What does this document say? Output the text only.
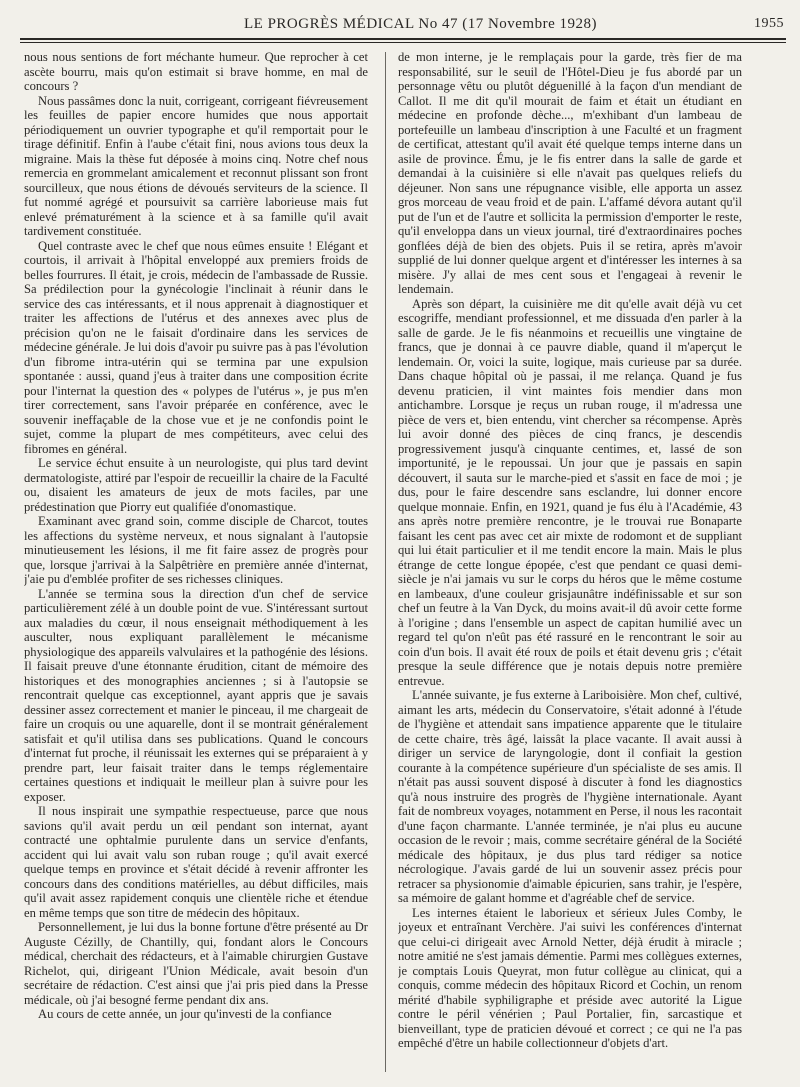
LE PROGRÈS MÉDICAL No 47 (17 Novembre 1928)	1955

nous nous sentions de fort méchante humeur. Que reprocher à cet ascète bourru, mais qu'on estimait si brave homme, en mal de concours ?

Nous passâmes donc la nuit, corrigeant, corrigeant fiévreusement les feuilles de papier encore humides que nous apportait périodiquement un ouvrier typographe et qu'il remportait pour le tirage définitif. Enfin à l'aube c'était fini, nous avions tous deux la migraine. Mais la thèse fut déposée à moins cinq. Notre chef nous remercia en grommelant amicalement et reconnut plissant son front sourcilleux, que nous étions de dévoués serviteurs de la science. Il fut nommé agrégé et poursuivit sa carrière laborieuse mais fut enlevé prématurément à la science et à sa famille qu'il avait tardivement constituée.

Quel contraste avec le chef que nous eûmes ensuite ! Elégant et courtois, il arrivait à l'hôpital enveloppé aux premiers froids de belles fourrures. Il était, je crois, médecin de l'ambassade de Russie. Sa prédilection pour la gynécologie l'inclinait à réunir dans le service des cas intéressants, et il nous apprenait à diagnostiquer et traiter les affections de l'utérus et des annexes avec plus de précision qu'on ne le faisait d'ordinaire dans les services de médecine générale. Je lui dois d'avoir pu suivre pas à pas l'évolution d'un fibrome intra-utérin qui se termina par une expulsion spontanée : aussi, quand j'eus à traiter dans une composition écrite pour l'internat la question des « polypes de l'utérus », je pus m'en tirer correctement, sans l'avoir préparée en conférence, avec le souvenir ineffaçable de la chose vue et je ne confondis point le sujet, comme la plupart de mes compétiteurs, avec celui des fibromes en général.

Le service échut ensuite à un neurologiste, qui plus tard devint dermatologiste, attiré par l'espoir de recueillir la chaire de la Faculté ou, disaient les amateurs de jeux de mots faciles, par une prédestination que Piorry eut qualifiée d'onomastique.

Examinant avec grand soin, comme disciple de Charcot, toutes les affections du système nerveux, et nous signalant à l'autopsie minutieusement les lésions, il me fit faire assez de progrès pour que, lorsque j'arrivai à la Salpêtrière en première année d'internat, j'aie pu d'emblée profiter de ses richesses cliniques.

L'année se termina sous la direction d'un chef de service particulièrement zélé à un double point de vue. S'intéressant surtout aux maladies du cœur, il nous enseignait méthodiquement à les ausculter, nous expliquant parallèlement le mécanisme physiologique des appareils valvulaires et la pathogénie des lésions. Il faisait preuve d'une étonnante érudition, citant de mémoire des historiques et des monographies anciennes ; si à l'autopsie se rencontrait quelque cas exceptionnel, ayant appris que je savais dessiner assez correctement et manier le pinceau, il me chargeait de faire un croquis ou une aquarelle, dont il se montrait généralement satisfait et qu'il utilisa dans ses publications. Quand le concours d'internat fut proche, il réunissait les externes qui se préparaient à y prendre part, leur faisait traiter dans le temps réglementaire certaines questions et indiquait le meilleur plan à suivre pour les exposer.

Il nous inspirait une sympathie respectueuse, parce que nous savions qu'il avait perdu un œil pendant son internat, ayant contracté une ophtalmie purulente dans un service d'enfants, accident qui lui avait valu son ruban rouge ; qu'il avait exercé quelque temps en province et s'était décidé à revenir affronter les concours dans des conditions matérielles, au début difficiles, mais qu'il avait assez rapidement conquis une clientèle riche et étendue en même temps que son titre de médecin des hôpitaux.

Personnellement, je lui dus la bonne fortune d'être présenté au Dr Auguste Cézilly, de Chantilly, qui, fondant alors le Concours médical, cherchait des rédacteurs, et à l'aimable chirurgien Gustave Richelot, qui, dirigeant l'Union Médicale, avait besoin d'un secrétaire de rédaction. C'est ainsi que j'ai pris pied dans la Presse médicale, où j'ai besogné ferme pendant dix ans.

Au cours de cette année, un jour qu'investi de la confiance

de mon interne, je le remplaçais pour la garde, très fier de ma responsabilité, sur le seuil de l'Hôtel-Dieu je fus abordé par un personnage vêtu ou plutôt déguenillé à la façon d'un mendiant de Callot. Il me dit qu'il mourait de faim et était un étudiant en médecine en profonde dèche..., m'exhibant d'un lambeau de portefeuille un lambeau d'inscription à une Faculté et un fragment de certificat, attestant qu'il avait été quelque temps interne dans un asile de province. Ému, je le fis entrer dans la salle de garde et demandai à la cuisinière si elle n'avait pas quelques reliefs du déjeuner. Non sans une répugnance visible, elle apporta un assez gros morceau de veau froid et de pain. L'affamé dévora autant qu'il put de l'un et de l'autre et sollicita la permission d'emporter le reste, qu'il enveloppa dans un vieux journal, tiré d'extraordinaires poches gonflées déjà de bien des objets. Puis il se retira, après m'avoir supplié de lui donner quelque argent et d'intéresser les internes à sa misère. J'y allai de mes cent sous et l'engageai à revenir le lendemain.

Après son départ, la cuisinière me dit qu'elle avait déjà vu cet escogriffe, mendiant professionnel, et me dissuada d'en parler à la salle de garde. Je le fis néanmoins et recueillis une vingtaine de francs, que je donnai à ce pauvre diable, quand il m'aperçut le lendemain. Or, voici la suite, logique, mais curieuse par sa durée. Dans chaque hôpital où je passai, il me relança. Quand je fus devenu praticien, il vint maintes fois mendier dans mon antichambre. Lorsque je reçus un ruban rouge, il m'adressa une pièce de vers et, bien entendu, vint chercher sa récompense. Après lui avoir donné des pièces de cinq francs, je descendis progressivement jusqu'à cinquante centimes, et, lassé de son importunité, je le repoussai. Un jour que je passais en sapin découvert, il sauta sur le marche-pied et s'assit en face de moi ; je dus, pour le faire descendre sans esclandre, lui donner encore quelque monnaie. Enfin, en 1921, quand je fus élu à l'Académie, 43 ans après notre première rencontre, je le trouvai rue Bonaparte faisant les cent pas avec cet air mixte de rodomont et de suppliant qui lui était particulier et il me tendit encore la main. Mais le plus étrange de cette longue épopée, c'est que pendant ce quasi demi-siècle je n'ai jamais vu sur le corps du héros que le même costume en lambeaux, d'une couleur grisjaunâtre indéfinissable et sur son chef un feutre à la Van Dyck, du moins avait-il dû avoir cette forme à l'origine ; dans l'ensemble un aspect de capitan humilié avec un regard tel qu'on n'eût pas été rassuré en le rencontrant le soir au coin d'un bois. Il avait été roux de poils et était devenu gris ; c'était presque la seule différence que je notais depuis notre première entrevue.

L'année suivante, je fus externe à Lariboisière. Mon chef, cultivé, aimant les arts, médecin du Conservatoire, s'était adonné à l'étude de l'hygiène et attendait sans impatience apparente que le titulaire de cette chaire, très âgé, laissât la place vacante. Il avait aussi à diriger un service de laryngologie, dont il confiait la gestion courante à la compétence supérieure d'un spécialiste de ses amis. Il n'était pas aussi souvent disposé à discuter à fond les diagnostics qu'à nous instruire des progrès de l'hygiène internationale. Ayant fait de nombreux voyages, notamment en Perse, il nous les racontait d'une façon charmante. L'année terminée, je n'ai plus eu aucune occasion de le revoir ; mais, comme secrétaire général de la Société médicale des hôpitaux, je dus plus tard rédiger sa notice nécrologique. J'avais gardé de lui un souvenir assez précis pour retracer sa physionomie d'aimable épicurien, sans trahir, je l'espère, sa mémoire de galant homme et d'agréable chef de service.

Les internes étaient le laborieux et sérieux Jules Comby, le joyeux et entraînant Verchère. J'ai suivi les conférences d'internat que celui-ci dirigeait avec Arnold Netter, déjà érudit à miracle ; notre amitié ne s'est jamais démentie. Parmi mes collègues externes, je comptais Louis Queyrat, mon futur collègue au clinicat, qui a conquis, comme médecin des hôpitaux Ricord et Cochin, un renom mérité d'habile syphiligraphe et préside avec autorité la Ligue contre le péril vénérien ; Paul Portalier, fin, sarcastique et bienveillant, type de praticien dévoué et correct ; ce qui ne l'a pas empêché d'être un habile collectionneur d'objets d'art.
